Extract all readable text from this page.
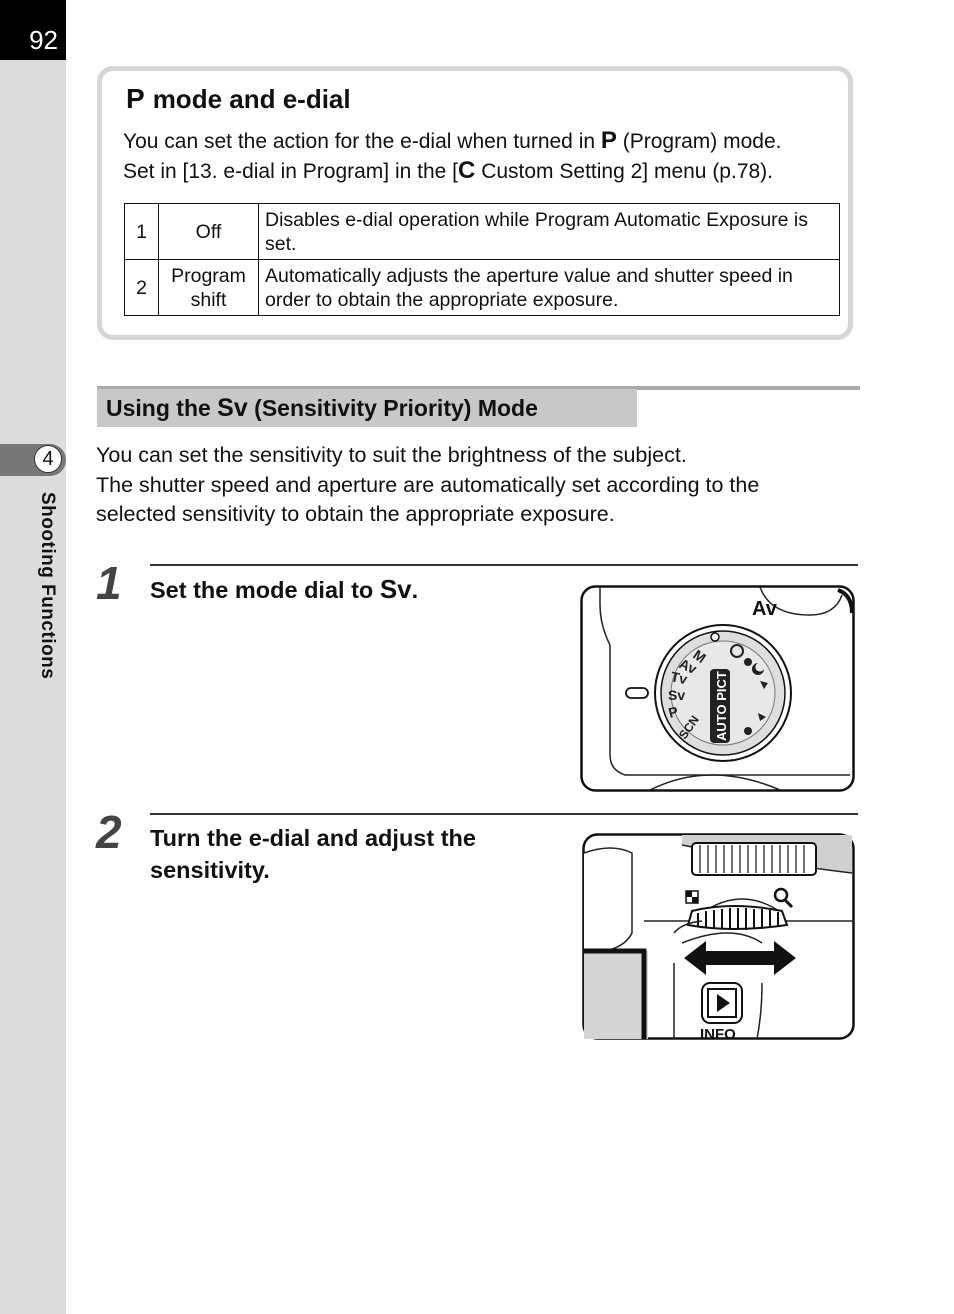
92
4
Shooting Functions
P mode and e-dial
You can set the action for the e-dial when turned in P (Program) mode.
Set in [13. e-dial in Program] in the [C Custom Setting 2] menu (p.78).
1	Off	Disables e-dial operation while Program Automatic Exposure is set.
2	Program shift	Automatically adjusts the aperture value and shutter speed in order to obtain the appropriate exposure.
Using the Sv (Sensitivity Priority) Mode
You can set the sensitivity to suit the brightness of the subject.
The shutter speed and aperture are automatically set according to the
selected sensitivity to obtain the appropriate exposure.
1 Set the mode dial to Sv.
Av
AUTO PICT
M
Av
Tv
Sv
P
SCN
2 Turn the e-dial and adjust the
sensitivity.
INFO
